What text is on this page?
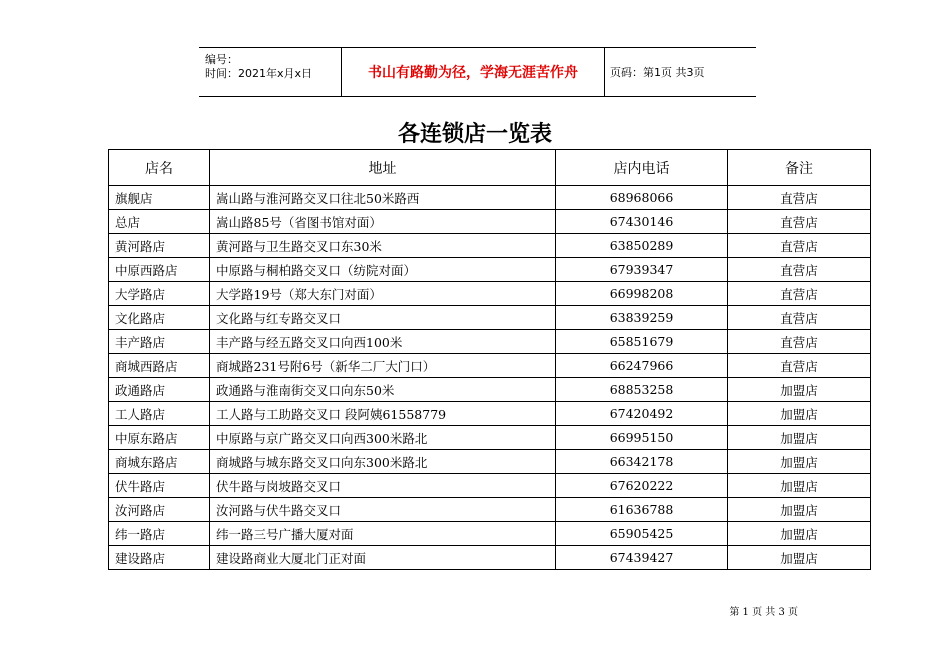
编号：
时间：2021年x月x日	书山有路勤为径，学海无涯苦作舟	页码：第1页 共3页
各连锁店一览表
店名	地址	店内电话	备注
旗舰店	嵩山路与淮河路交叉口往北50米路西	68968066	直营店
总店	嵩山路85号（省图书馆对面）	67430146	直营店
黄河路店	黄河路与卫生路交叉口东30米	63850289	直营店
中原西路店	中原路与桐柏路交叉口（纺院对面）	67939347	直营店
大学路店	大学路19号（郑大东门对面）	66998208	直营店
文化路店	文化路与红专路交叉口	63839259	直营店
丰产路店	丰产路与经五路交叉口向西100米	65851679	直营店
商城西路店	商城路231号附6号（新华二厂大门口）	66247966	直营店
政通路店	政通路与淮南街交叉口向东50米	68853258	加盟店
工人路店	工人路与工助路交叉口 段阿姨61558779	67420492	加盟店
中原东路店	中原路与京广路交叉口向西300米路北	66995150	加盟店
商城东路店	商城路与城东路交叉口向东300米路北	66342178	加盟店
伏牛路店	伏牛路与岗坡路交叉口	67620222	加盟店
汝河路店	汝河路与伏牛路交叉口	61636788	加盟店
纬一路店	纬一路三号广播大厦对面	65905425	加盟店
建设路店	建设路商业大厦北门正对面	67439427	加盟店
第 1 页 共 3 页
